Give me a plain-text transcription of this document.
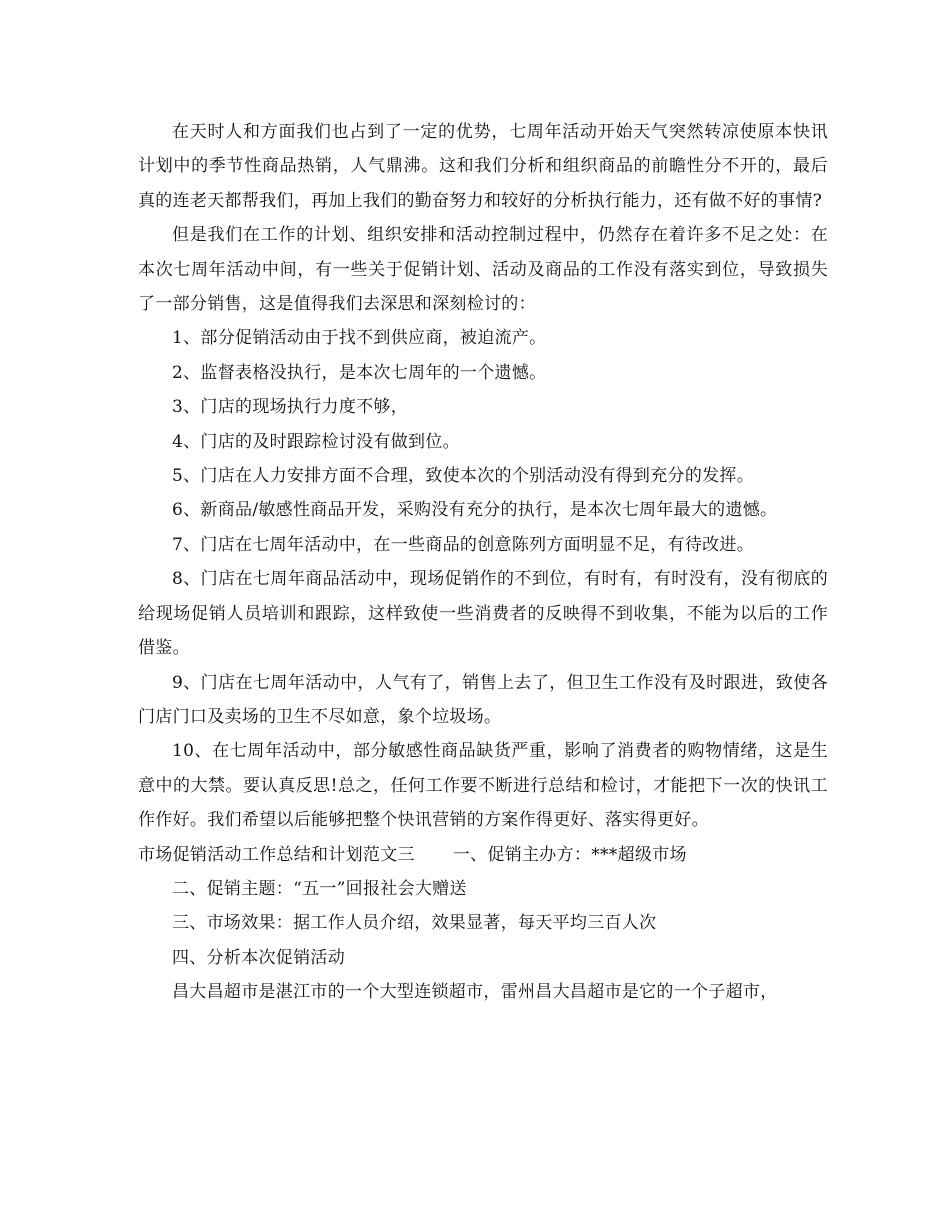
在天时人和方面我们也占到了一定的优势，七周年活动开始天气突然转凉使原本快讯计划中的季节性商品热销，人气鼎沸。这和我们分析和组织商品的前瞻性分不开的，最后真的连老天都帮我们，再加上我们的勤奋努力和较好的分析执行能力，还有做不好的事情?

但是我们在工作的计划、组织安排和活动控制过程中，仍然存在着许多不足之处：在本次七周年活动中间，有一些关于促销计划、活动及商品的工作没有落实到位，导致损失了一部分销售，这是值得我们去深思和深刻检讨的：

1、部分促销活动由于找不到供应商，被迫流产。

2、监督表格没执行，是本次七周年的一个遗憾。

3、门店的现场执行力度不够，

4、门店的及时跟踪检讨没有做到位。

5、门店在人力安排方面不合理，致使本次的个别活动没有得到充分的发挥。

6、新商品/敏感性商品开发，采购没有充分的执行，是本次七周年最大的遗憾。

7、门店在七周年活动中，在一些商品的创意陈列方面明显不足，有待改进。

8、门店在七周年商品活动中，现场促销作的不到位，有时有，有时没有，没有彻底的给现场促销人员培训和跟踪，这样致使一些消费者的反映得不到收集，不能为以后的工作借鉴。

9、门店在七周年活动中，人气有了，销售上去了，但卫生工作没有及时跟进，致使各门店门口及卖场的卫生不尽如意，象个垃圾场。

10、在七周年活动中，部分敏感性商品缺货严重，影响了消费者的购物情绪，这是生意中的大禁。要认真反思!总之，任何工作要不断进行总结和检讨，才能把下一次的快讯工作作好。我们希望以后能够把整个快讯营销的方案作得更好、落实得更好。

市场促销活动工作总结和计划范文三 一、促销主办方：***超级市场

二、促销主题：“五一”回报社会大赠送

三、市场效果：据工作人员介绍，效果显著，每天平均三百人次

四、分析本次促销活动

昌大昌超市是湛江市的一个大型连锁超市，雷州昌大昌超市是它的一个子超市，
